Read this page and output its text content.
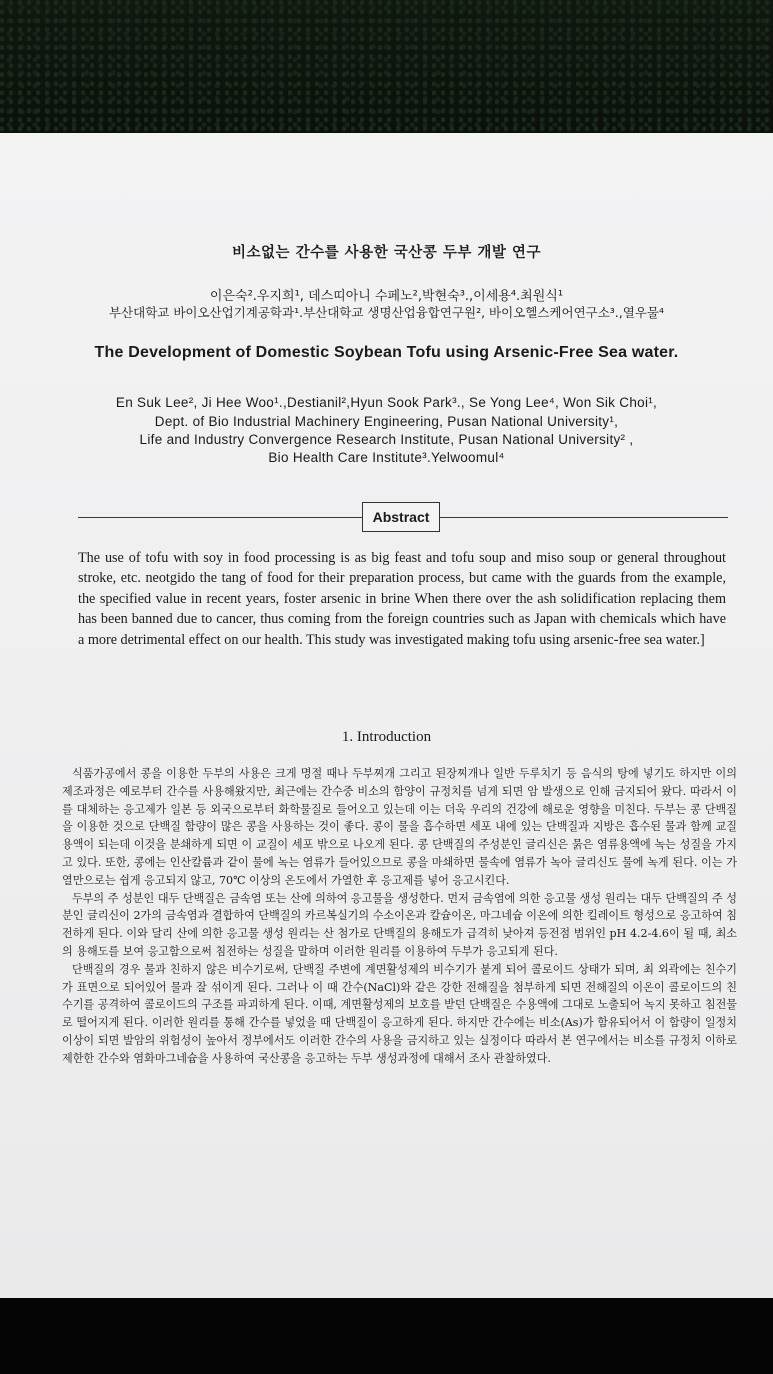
비소없는 간수를 사용한 국산콩 두부 개발 연구
이은숙².우지희¹, 데스띠아니 수페노²,박현숙³.,이세용⁴.최원식¹
부산대학교 바이오산업기계공학과¹.부산대학교 생명산업융합연구원², 바이오헬스케어연구소³.,열우물⁴
The Development of Domestic Soybean Tofu using Arsenic-Free Sea water.
En Suk Lee², Ji Hee Woo¹.,Destianil²,Hyun Sook Park³., Se Yong Lee⁴, Won Sik Choi¹,
Dept. of Bio Industrial Machinery Engineering, Pusan National University¹,
Life and Industry Convergence Research Institute, Pusan National University² ,
Bio Health Care Institute³.Yelwoomul⁴
Abstract

The use of tofu with soy in food processing is as big feast and tofu soup and miso soup or general throughout stroke, etc. neotgido the tang of food for their preparation process, but came with the guards from the example, the specified value in recent years, foster arsenic in brine When there over the ash solidification replacing them has been banned due to cancer, thus coming from the foreign countries such as Japan with chemicals which have a more detrimental effect on our health. This study was investigated making tofu using arsenic-free sea water.]

1. Introduction

식품가공에서 콩을 이용한 두부의 사용은 크게 명절 때나 두부찌개 그리고 된장찌개나 일반 두루치기 등 음식의 탕에 넣기도 하지만 이의 제조과정은 예로부터 간수를 사용해왔지만, 최근에는 간수중 비소의 함양이 규정치를 넘게 되면 암 발생으로 인해 금지되어 왔다. 따라서 이를 대체하는 응고제가 일본 등 외국으로부터 화학물질로 들어오고 있는데 이는 더욱 우리의 건강에 해로운 영향을 미친다. 두부는 콩 단백질을 이용한 것으로 단백질 함량이 많은 콩을 사용하는 것이 좋다. 콩이 물을 흡수하면 세포 내에 있는 단백질과 지방은 흡수된 물과 함께 교질용액이 되는데 이것을 분쇄하게 되면 이 교질이 세포 밖으로 나오게 된다. 콩 단백질의 주성분인 글리신은 묽은 염류용액에 녹는 성질을 가지고 있다. 또한, 콩에는 인산칼륨과 같이 물에 녹는 염류가 들어있으므로 콩을 마쇄하면 물속에 염류가 녹아 글리신도 물에 녹게 된다. 이는 가열만으로는 쉽게 응고되지 않고, 70℃ 이상의 온도에서 가열한 후 응고제를 넣어 응고시킨다.

두부의 주 성분인 대두 단백질은 금속염 또는 산에 의하여 응고물을 생성한다. 먼저 금속염에 의한 응고물 생성 원리는 대두 단백질의 주 성분인 글리신이 2가의 금속염과 결합하여 단백질의 카르복실기의 수소이온과 칼슘이온, 마그네슘 이온에 의한 킬레이트 형성으로 응고하여 침전하게 된다. 이와 달리 산에 의한 응고물 생성 원리는 산 첨가로 단백질의 용해도가 급격히 낮아져 등전점 범위인 pH 4.2-4.6이 될 때, 최소의 용해도를 보여 응고함으로써 침전하는 성질을 말하며 이러한 원리를 이용하여 두부가 응고되게 된다.

단백질의 경우 물과 친하지 않은 비수기로써, 단백질 주변에 계면활성제의 비수기가 붙게 되어 콜로이드 상태가 되며, 최 외곽에는 친수기가 표면으로 되어있어 물과 잘 섞이게 된다. 그러나 이 때 간수(NaCl)와 같은 강한 전해질을 첨부하게 되면 전해질의 이온이 콜로이드의 친수기를 공격하여 콜로이드의 구조를 파괴하게 된다. 이때, 계면활성제의 보호를 받던 단백질은 수용액에 그대로 노출되어 녹지 못하고 침전물로 떨어지게 된다. 이러한 원리를 통해 간수를 넣었을 때 단백질이 응고하게 된다. 하지만 간수에는 비소(As)가 함유되어서 이 함량이 일정치 이상이 되면 발암의 위험성이 높아서 정부에서도 이러한 간수의 사용을 금지하고 있는 실정이다 따라서 본 연구에서는 비소를 규정치 이하로 제한한 간수와 염화마그네슘을 사용하여 국산콩을 응고하는 두부 생성과정에 대해서 조사 관찰하였다.
